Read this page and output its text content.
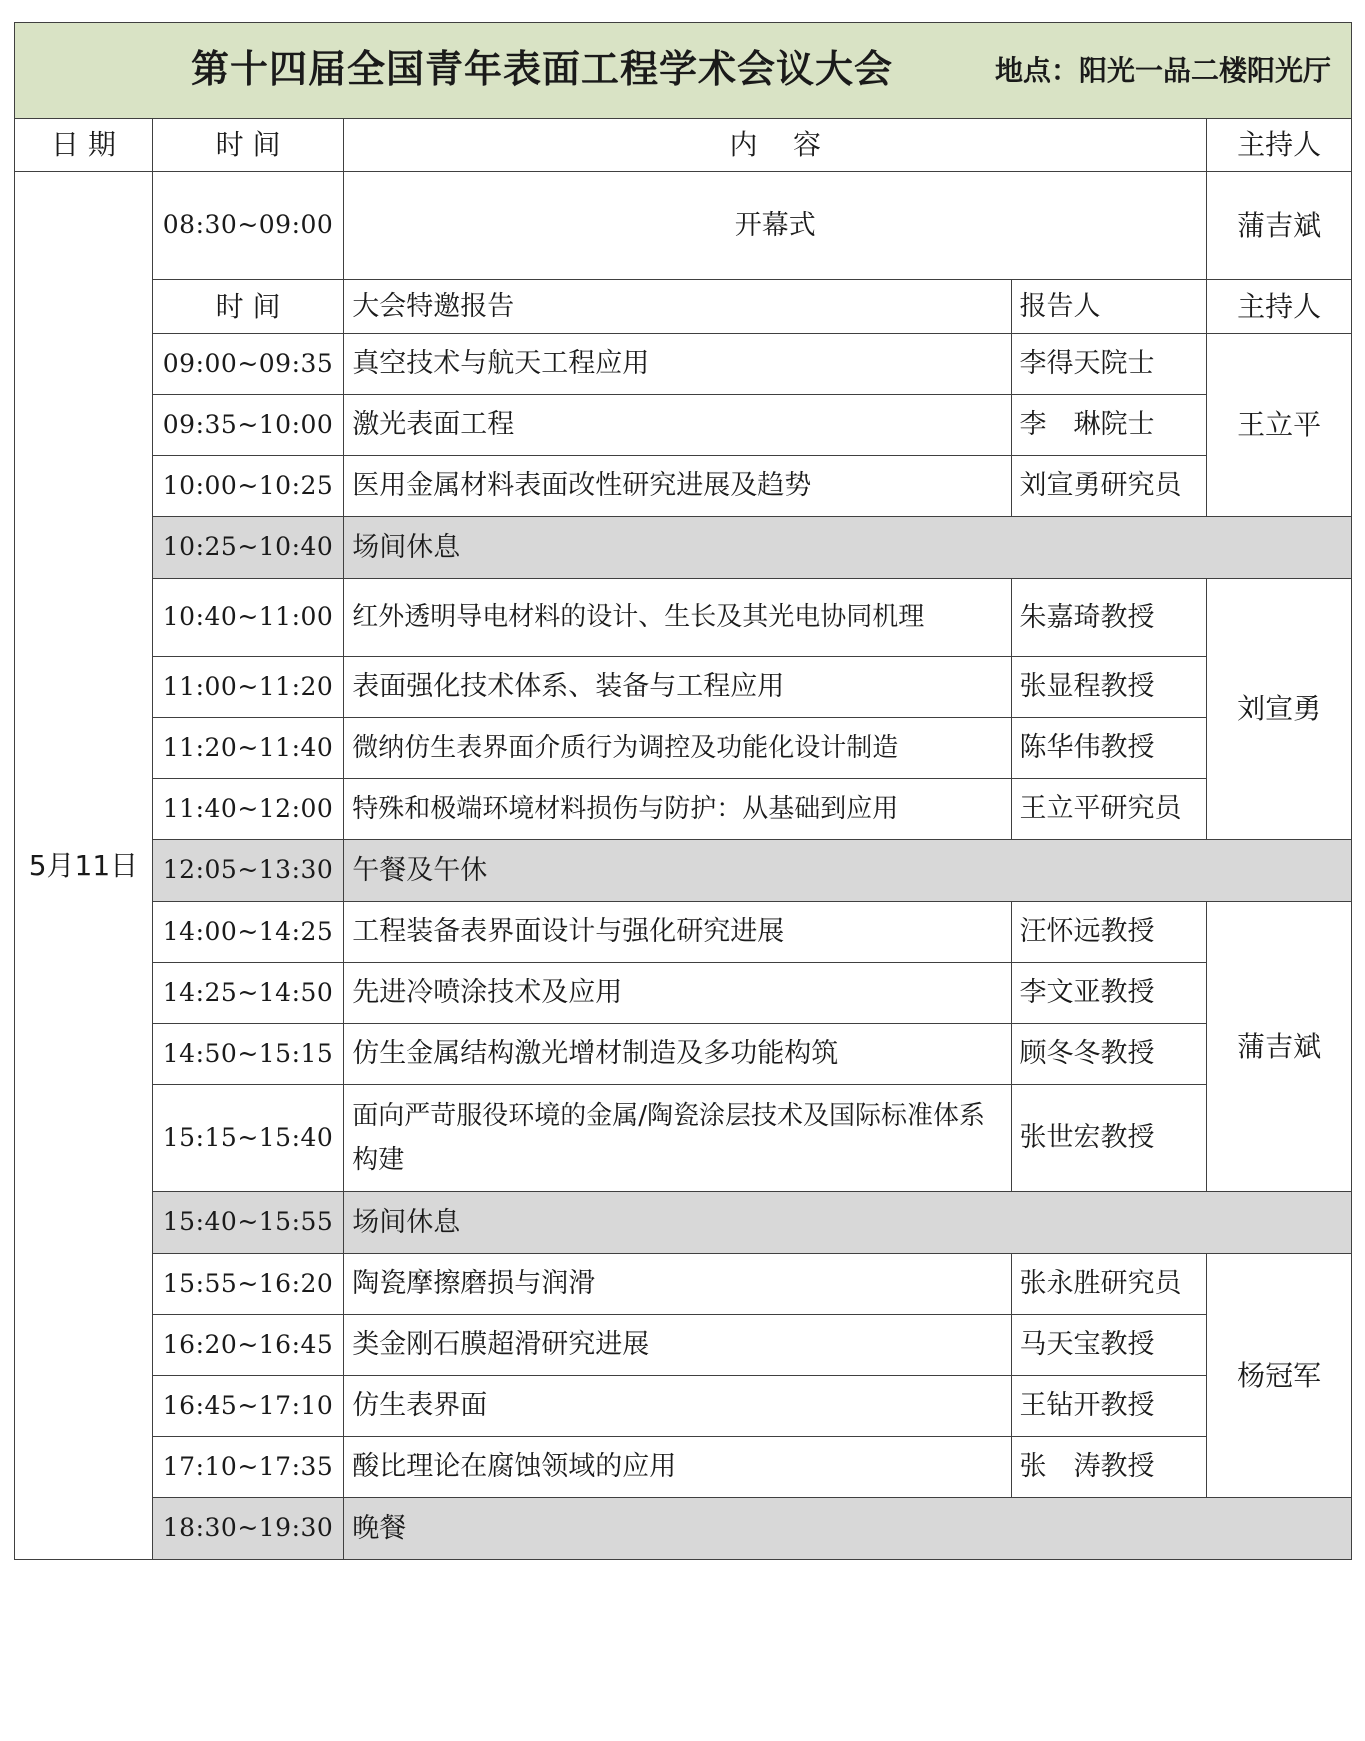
第十四届全国青年表面工程学术会议大会 地点：阳光一品二楼阳光厅				

日 期	时 间	内    容		主持人
5月11日	08:30~09:00	开幕式		蒲吉斌
	时 间	大会特邀报告	报告人	主持人
	09:00~09:35	真空技术与航天工程应用	李得天院士	王立平
	09:35~10:00	激光表面工程	李　琳院士	
	10:00~10:25	医用金属材料表面改性研究进展及趋势	刘宣勇研究员	
	10:25~10:40	场间休息		
	10:40~11:00	红外透明导电材料的设计、生长及其光电协同机理	朱嘉琦教授	刘宣勇
	11:00~11:20	表面强化技术体系、装备与工程应用	张显程教授	
	11:20~11:40	微纳仿生表界面介质行为调控及功能化设计制造	陈华伟教授	
	11:40~12:00	特殊和极端环境材料损伤与防护：从基础到应用	王立平研究员	
	12:05~13:30	午餐及午休		
	14:00~14:25	工程装备表界面设计与强化研究进展	汪怀远教授	蒲吉斌
	14:25~14:50	先进冷喷涂技术及应用	李文亚教授	
	14:50~15:15	仿生金属结构激光增材制造及多功能构筑	顾冬冬教授	
	15:15~15:40	面向严苛服役环境的金属/陶瓷涂层技术及国际标准体系构建	张世宏教授	
	15:40~15:55	场间休息		
	15:55~16:20	陶瓷摩擦磨损与润滑	张永胜研究员	杨冠军
	16:20~16:45	类金刚石膜超滑研究进展	马天宝教授	
	16:45~17:10	仿生表界面	王钻开教授	
	17:10~17:35	酸比理论在腐蚀领域的应用	张　涛教授	
	18:30~19:30	晚餐		
